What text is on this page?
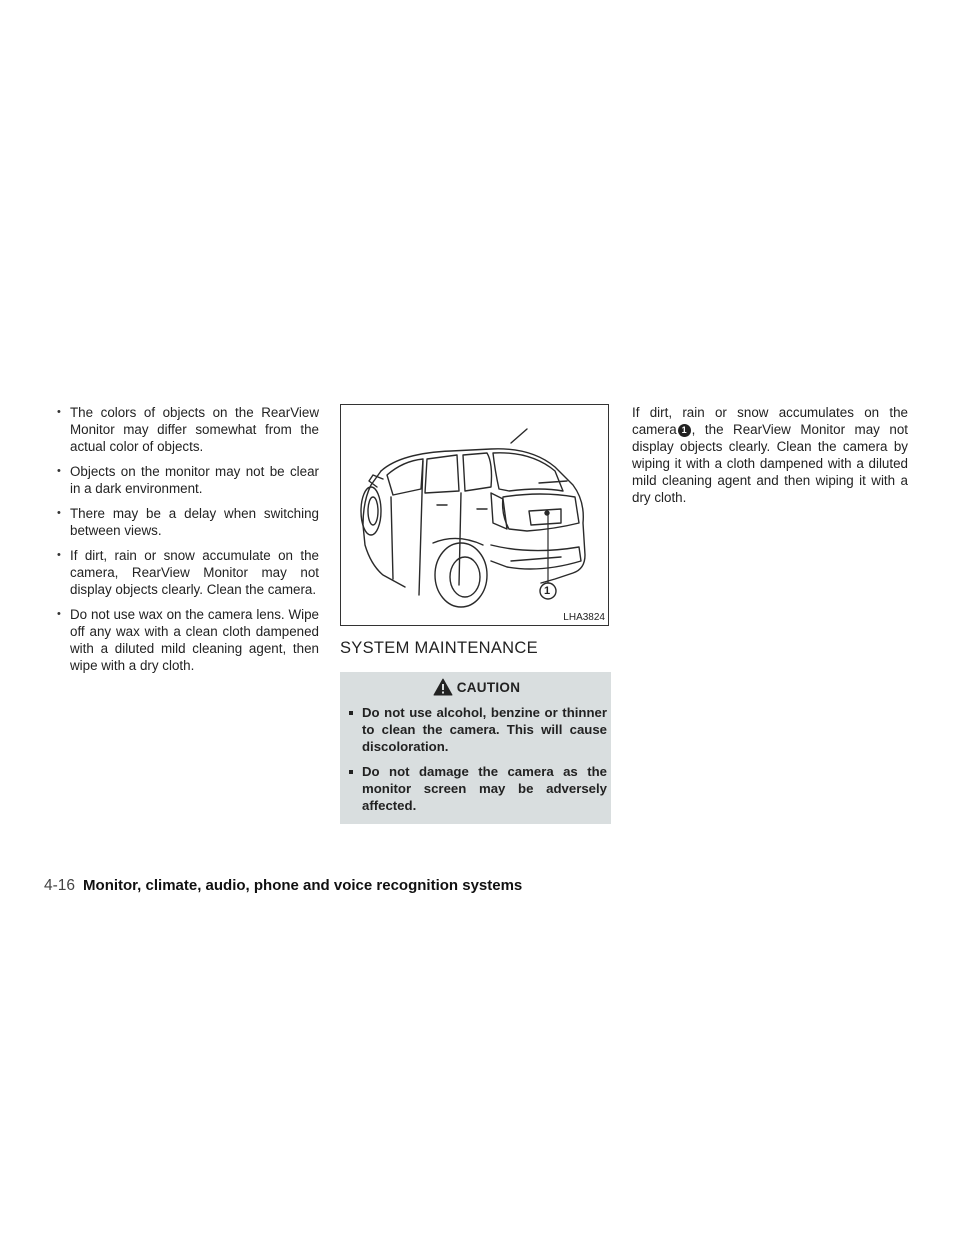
• The colors of objects on the RearView Monitor may differ somewhat from the actual color of objects.
• Objects on the monitor may not be clear in a dark environment.
• There may be a delay when switching between views.
• If dirt, rain or snow accumulate on the camera, RearView Monitor may not display objects clearly. Clean the camera.
• Do not use wax on the camera lens. Wipe off any wax with a clean cloth dampened with a diluted mild cleaning agent, then wipe with a dry cloth.
1
LHA3824
SYSTEM MAINTENANCE
CAUTION
Do not use alcohol, benzine or thinner to clean the camera. This will cause discoloration.
Do not damage the camera as the monitor screen may be adversely affected.

If dirt, rain or snow accumulates on the camera 1 , the RearView Monitor may not display objects clearly. Clean the camera by wiping it with a cloth dampened with a diluted mild cleaning agent and then wiping it with a dry cloth.

4-16 Monitor, climate, audio, phone and voice recognition systems
